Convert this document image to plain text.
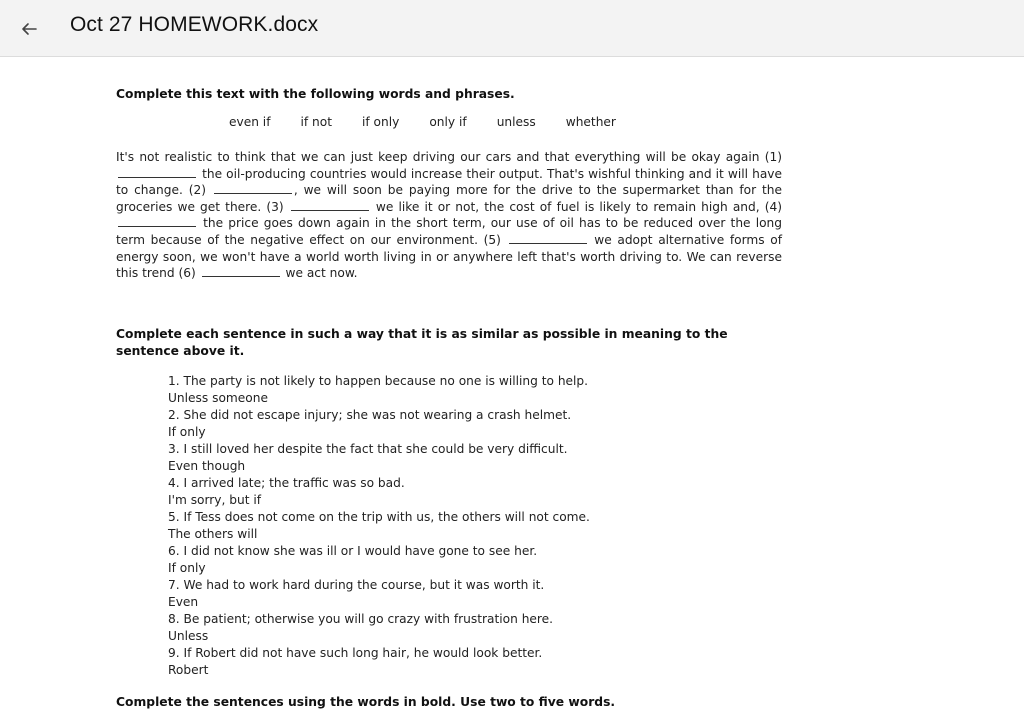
Oct 27 HOMEWORK.docx
Complete this text with the following words and phrases.
even if if not if only only if unless whether
It's not realistic to think that we can just keep driving our cars and that everything will be okay again (1)  the oil-producing countries would increase their output. That's wishful thinking and it will have to change. (2)	, we will soon be paying more for the drive to the supermarket than for the groceries we get there. (3)	we like it or not, the cost of fuel is likely to remain high and, (4)  the price goes down again in the short term, our use of oil has to be reduced over the long term because of the negative effect on our environment. (5)	we adopt alternative forms of energy soon, we won't have a world worth living in or anywhere left that's worth driving to. We can reverse this trend (6)	we act now.
Complete each sentence in such a way that it is as similar as possible in meaning to the sentence above it.
1. The party is not likely to happen because no one is willing to help.
Unless someone
2. She did not escape injury; she was not wearing a crash helmet.
If only
3. I still loved her despite the fact that she could be very difficult.
Even though
4. I arrived late; the traffic was so bad.
I'm sorry, but if
5. If Tess does not come on the trip with us, the others will not come.
The others will
6. I did not know she was ill or I would have gone to see her.
If only
7. We had to work hard during the course, but it was worth it.
Even
8. Be patient; otherwise you will go crazy with frustration here.
Unless
9. If Robert did not have such long hair, he would look better.
Robert
Complete the sentences using the words in bold. Use two to five words.
